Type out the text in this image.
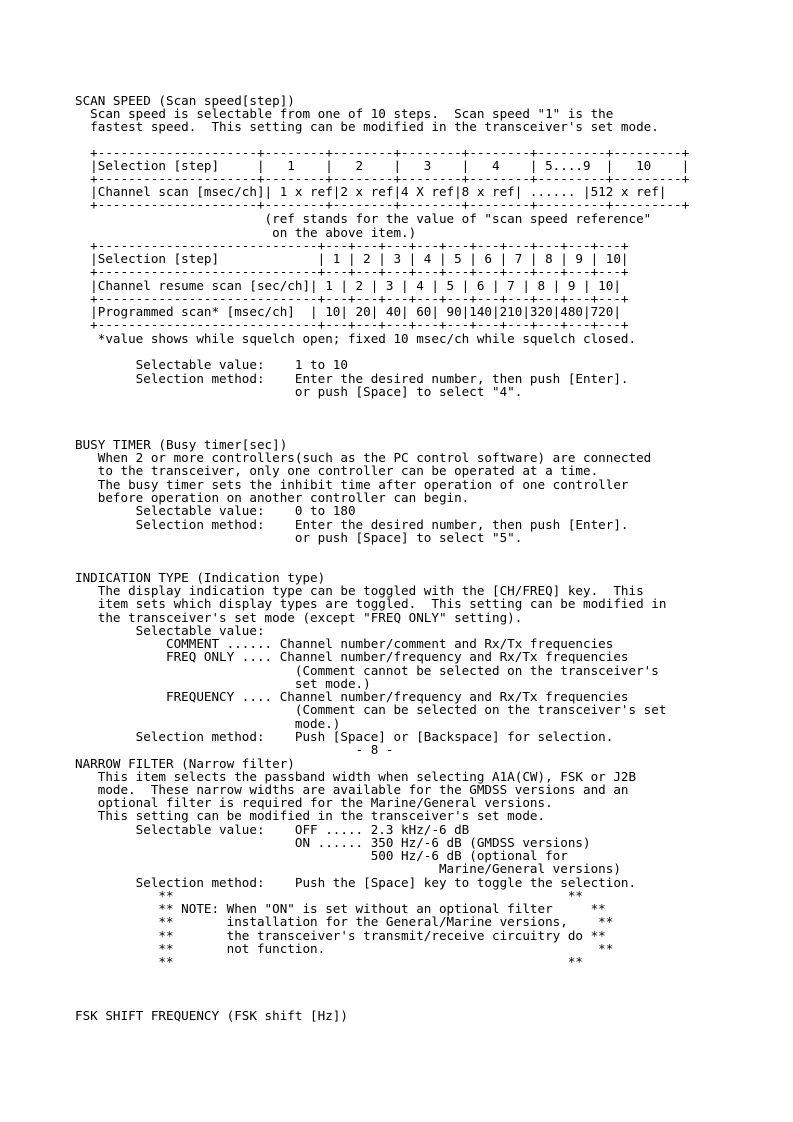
SCAN SPEED (Scan speed[step])
Scan speed is selectable from one of 10 steps.  Scan speed "1" is the
fastest speed.  This setting can be modified in the transceiver's set mode.
+---------------------+--------+--------+--------+--------+---------+---------+
|Selection [step]     |   1    |   2    |   3    |   4    | 5....9  |   10    |
+---------------------+--------+--------+--------+--------+---------+---------+
|Channel scan [msec/ch]| 1 x ref|2 x ref|4 X ref|8 x ref| ...... |512 x ref|
+---------------------+--------+--------+--------+--------+---------+---------+
(ref stands for the value of "scan speed reference"
on the above item.)
+-----------------------------+---+---+---+---+---+---+---+---+---+---+
|Selection [step]             | 1 | 2 | 3 | 4 | 5 | 6 | 7 | 8 | 9 | 10|
+-----------------------------+---+---+---+---+---+---+---+---+---+---+
|Channel resume scan [sec/ch]| 1 | 2 | 3 | 4 | 5 | 6 | 7 | 8 | 9 | 10|
+-----------------------------+---+---+---+---+---+---+---+---+---+---+
|Programmed scan* [msec/ch]  | 10| 20| 40| 60| 90|140|210|320|480|720|
+-----------------------------+---+---+---+---+---+---+---+---+---+---+
*value shows while squelch open; fixed 10 msec/ch while squelch closed.
Selectable value:    1 to 10
Selection method:    Enter the desired number, then push [Enter].
or push [Space] to select "4".
BUSY TIMER (Busy timer[sec])
When 2 or more controllers(such as the PC control software) are connected
to the transceiver, only one controller can be operated at a time.
The busy timer sets the inhibit time after operation of one controller
before operation on another controller can begin.
Selectable value:    0 to 180
Selection method:    Enter the desired number, then push [Enter].
or push [Space] to select "5".
INDICATION TYPE (Indication type)
The display indication type can be toggled with the [CH/FREQ] key.  This
item sets which display types are toggled.  This setting can be modified in
the transceiver's set mode (except "FREQ ONLY" setting).
Selectable value:
COMMENT ...... Channel number/comment and Rx/Tx frequencies
FREQ ONLY .... Channel number/frequency and Rx/Tx frequencies
(Comment cannot be selected on the transceiver's
set mode.)
FREQUENCY .... Channel number/frequency and Rx/Tx frequencies
(Comment can be selected on the transceiver's set
mode.)
Selection method:    Push [Space] or [Backspace] for selection.
- 8 -
NARROW FILTER (Narrow filter)
This item selects the passband width when selecting A1A(CW), FSK or J2B
mode.  These narrow widths are available for the GMDSS versions and an
optional filter is required for the Marine/General versions.
This setting can be modified in the transceiver's set mode.
Selectable value:    OFF ..... 2.3 kHz/-6 dB
ON ...... 350 Hz/-6 dB (GMDSS versions)
500 Hz/-6 dB (optional for
Marine/General versions)
Selection method:    Push the [Space] key to toggle the selection.
**                                                    **
** NOTE: When "ON" is set without an optional filter     **
**       installation for the General/Marine versions,    **
**       the transceiver's transmit/receive circuitry do **
**       not function.                                    **
**                                                    **
FSK SHIFT FREQUENCY (FSK shift [Hz])
